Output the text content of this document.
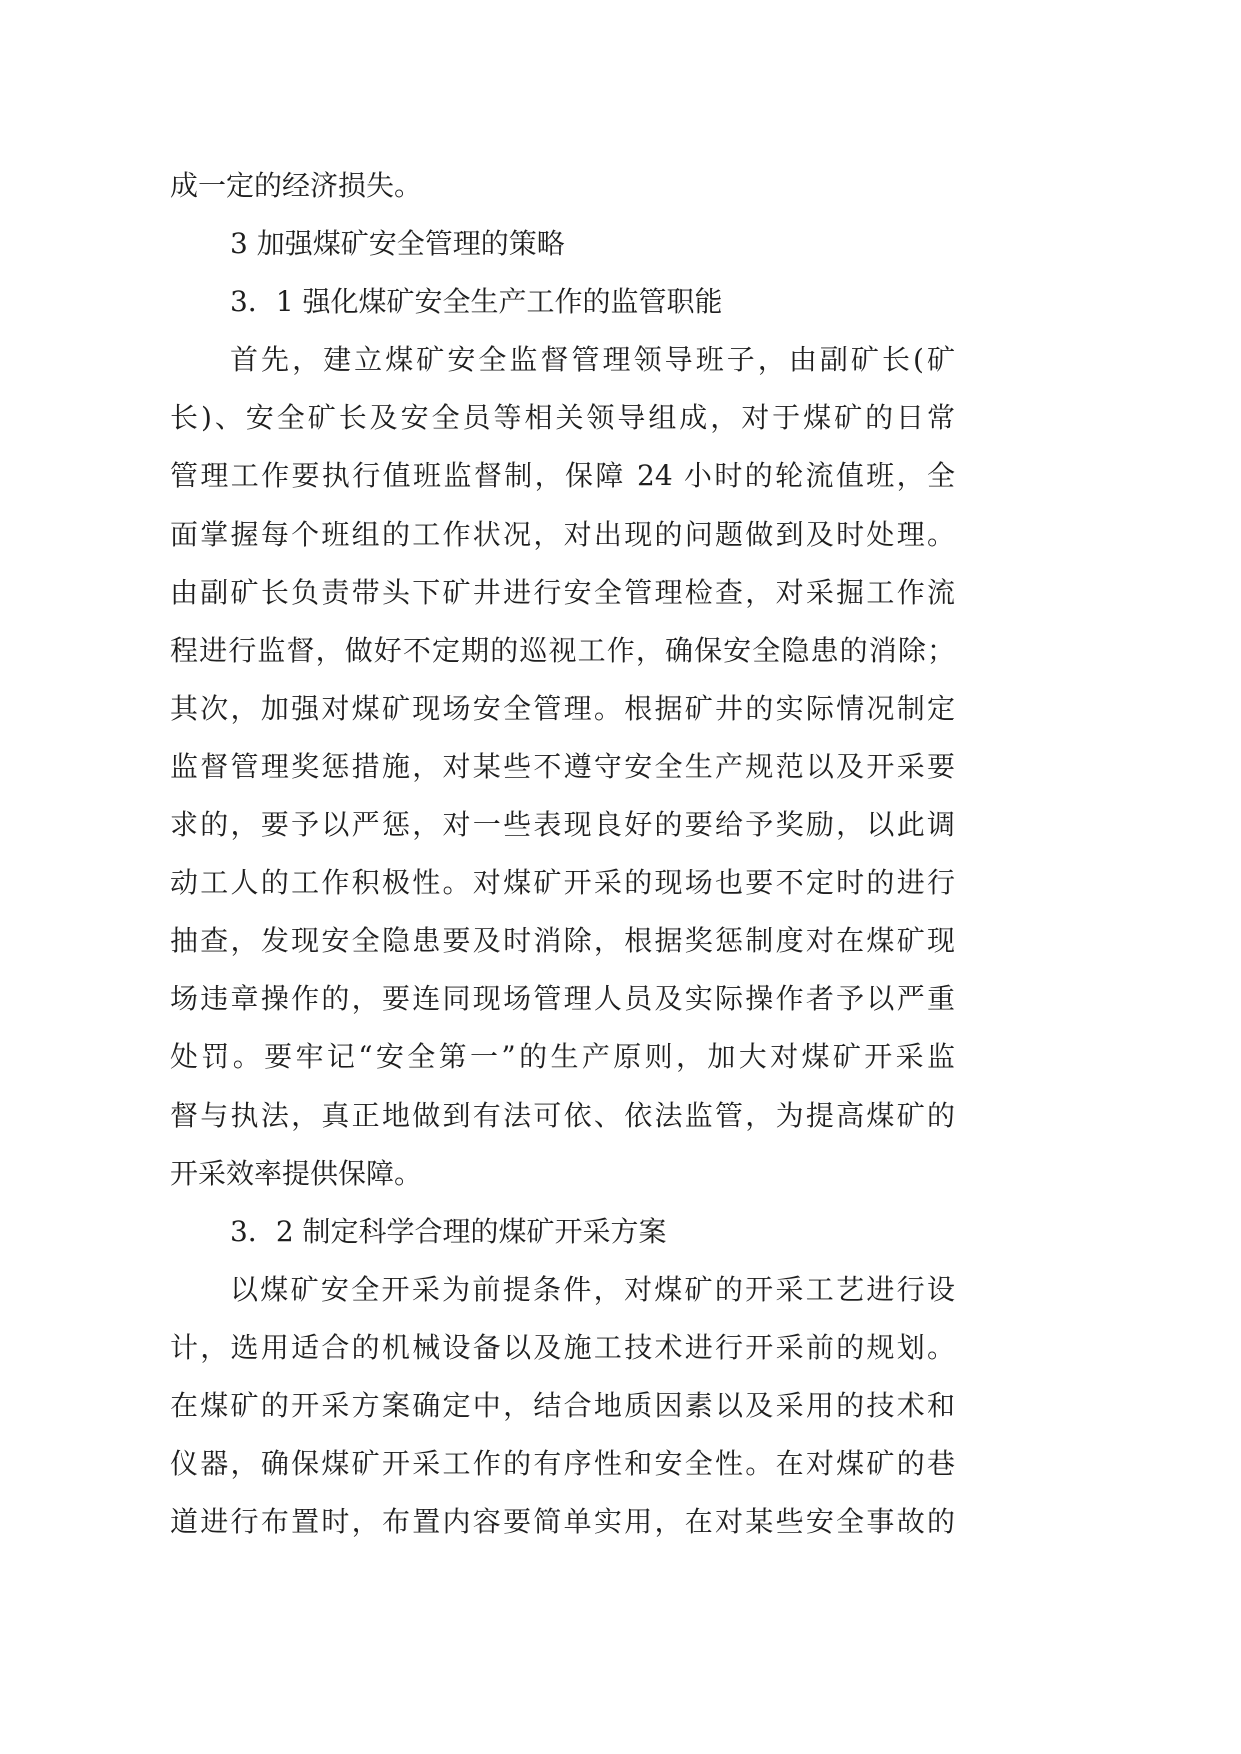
成一定的经济损失。
3 加强煤矿安全管理的策略
3．1 强化煤矿安全生产工作的监管职能
首先，建立煤矿安全监督管理领导班子，由副矿长(矿
长)、安全矿长及安全员等相关领导组成，对于煤矿的日常
管理工作要执行值班监督制，保障 24 小时的轮流值班，全
面掌握每个班组的工作状况，对出现的问题做到及时处理。
由副矿长负责带头下矿井进行安全管理检查，对采掘工作流
程进行监督，做好不定期的巡视工作，确保安全隐患的消除；
其次，加强对煤矿现场安全管理。根据矿井的实际情况制定
监督管理奖惩措施，对某些不遵守安全生产规范以及开采要
求的，要予以严惩，对一些表现良好的要给予奖励，以此调
动工人的工作积极性。对煤矿开采的现场也要不定时的进行
抽查，发现安全隐患要及时消除，根据奖惩制度对在煤矿现
场违章操作的，要连同现场管理人员及实际操作者予以严重
处罚。要牢记“安全第一”的生产原则，加大对煤矿开采监
督与执法，真正地做到有法可依、依法监管，为提高煤矿的
开采效率提供保障。
3．2 制定科学合理的煤矿开采方案
以煤矿安全开采为前提条件，对煤矿的开采工艺进行设
计，选用适合的机械设备以及施工技术进行开采前的规划。
在煤矿的开采方案确定中，结合地质因素以及采用的技术和
仪器，确保煤矿开采工作的有序性和安全性。在对煤矿的巷
道进行布置时，布置内容要简单实用，在对某些安全事故的
